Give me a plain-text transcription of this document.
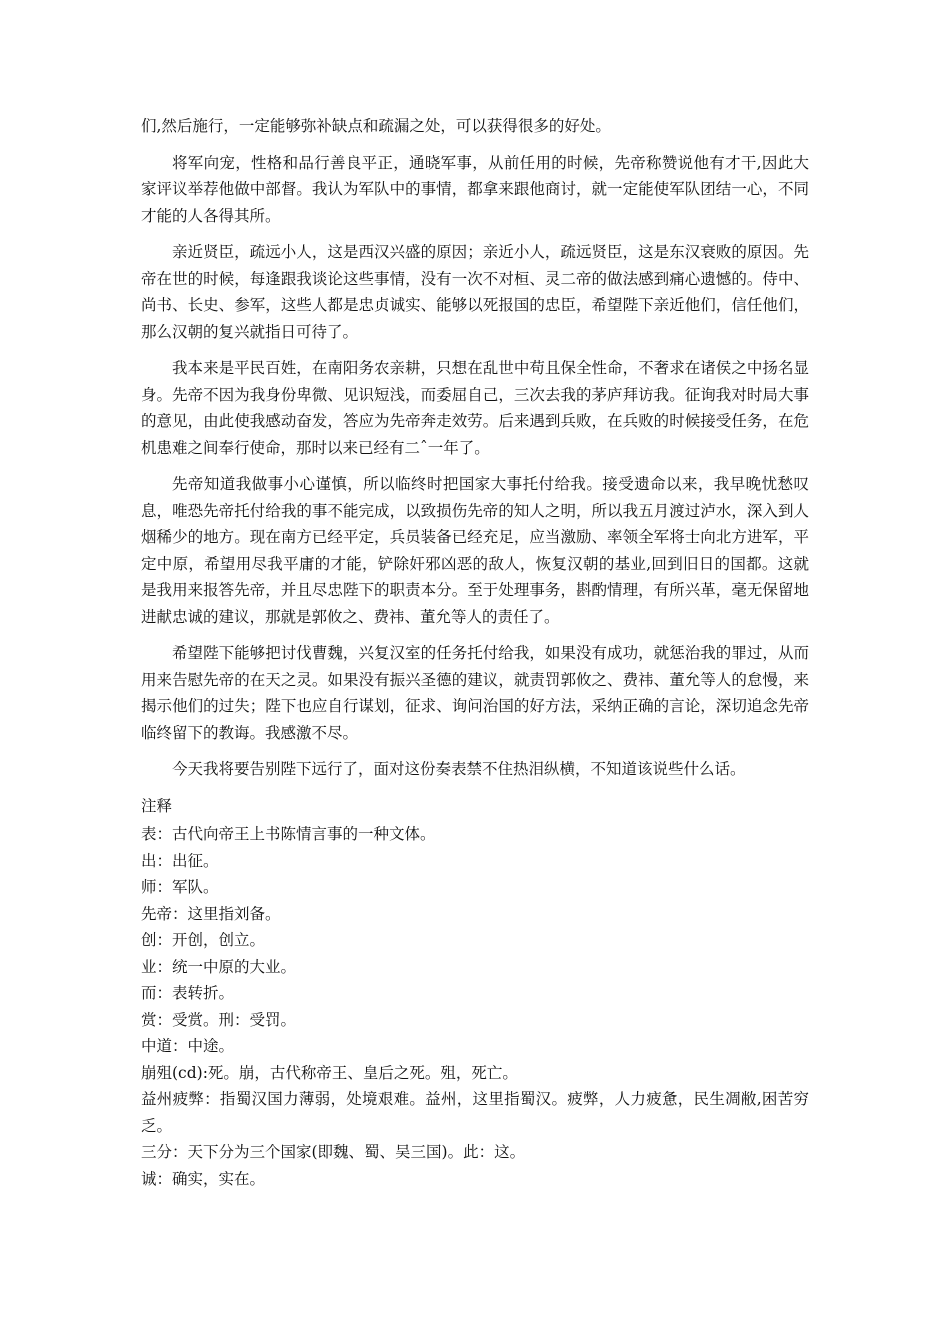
们,然后施行，一定能够弥补缺点和疏漏之处，可以获得很多的好处。

将军向宠，性格和品行善良平正，通晓军事，从前任用的时候，先帝称赞说他有才干,因此大家评议举荐他做中部督。我认为军队中的事情，都拿来跟他商讨，就一定能使军队团结一心，不同才能的人各得其所。

亲近贤臣，疏远小人，这是西汉兴盛的原因；亲近小人，疏远贤臣，这是东汉衰败的原因。先帝在世的时候，每逢跟我谈论这些事情，没有一次不对桓、灵二帝的做法感到痛心遗憾的。侍中、尚书、长史、参军，这些人都是忠贞诚实、能够以死报国的忠臣，希望陛下亲近他们，信任他们，那么汉朝的复兴就指日可待了。

我本来是平民百姓，在南阳务农亲耕，只想在乱世中苟且保全性命，不奢求在诸侯之中扬名显身。先帝不因为我身份卑微、见识短浅，而委屈自己，三次去我的茅庐拜访我。征询我对时局大事的意见，由此使我感动奋发，答应为先帝奔走效劳。后来遇到兵败，在兵败的时候接受任务，在危机患难之间奉行使命，那时以来已经有二ˆ一年了。

先帝知道我做事小心谨慎，所以临终时把国家大事托付给我。接受遗命以来，我早晚忧愁叹息，唯恐先帝托付给我的事不能完成，以致损伤先帝的知人之明，所以我五月渡过泸水，深入到人烟稀少的地方。现在南方已经平定，兵员装备已经充足，应当激励、率领全军将士向北方进军，平定中原，希望用尽我平庸的才能，铲除奸邪凶恶的敌人，恢复汉朝的基业,回到旧日的国都。这就是我用来报答先帝，并且尽忠陛下的职责本分。至于处理事务，斟酌情理，有所兴革，毫无保留地进献忠诚的建议，那就是郭攸之、费祎、董允等人的责任了。

希望陛下能够把讨伐曹魏，兴复汉室的任务托付给我，如果没有成功，就惩治我的罪过，从而用来告慰先帝的在天之灵。如果没有振兴圣德的建议，就责罚郭攸之、费祎、董允等人的怠慢，来揭示他们的过失；陛下也应自行谋划，征求、询问治国的好方法，采纳正确的言论，深切追念先帝临终留下的教诲。我感激不尽。

今天我将要告别陛下远行了，面对这份奏表禁不住热泪纵横，不知道该说些什么话。

注释

表：古代向帝王上书陈情言事的一种文体。

出：出征。

师：军队。

先帝：这里指刘备。

创：开创，创立。

业：统一中原的大业。

而：表转折。

赏：受赏。刑：受罚。

中道：中途。

崩殂(cd):死。崩，古代称帝王、皇后之死。殂，死亡。

益州疲弊：指蜀汉国力薄弱，处境艰难。益州，这里指蜀汉。疲弊，人力疲惫，民生凋敝,困苦穷乏。

三分：天下分为三个国家(即魏、蜀、吴三国)。此：这。

诚：确实，实在。
